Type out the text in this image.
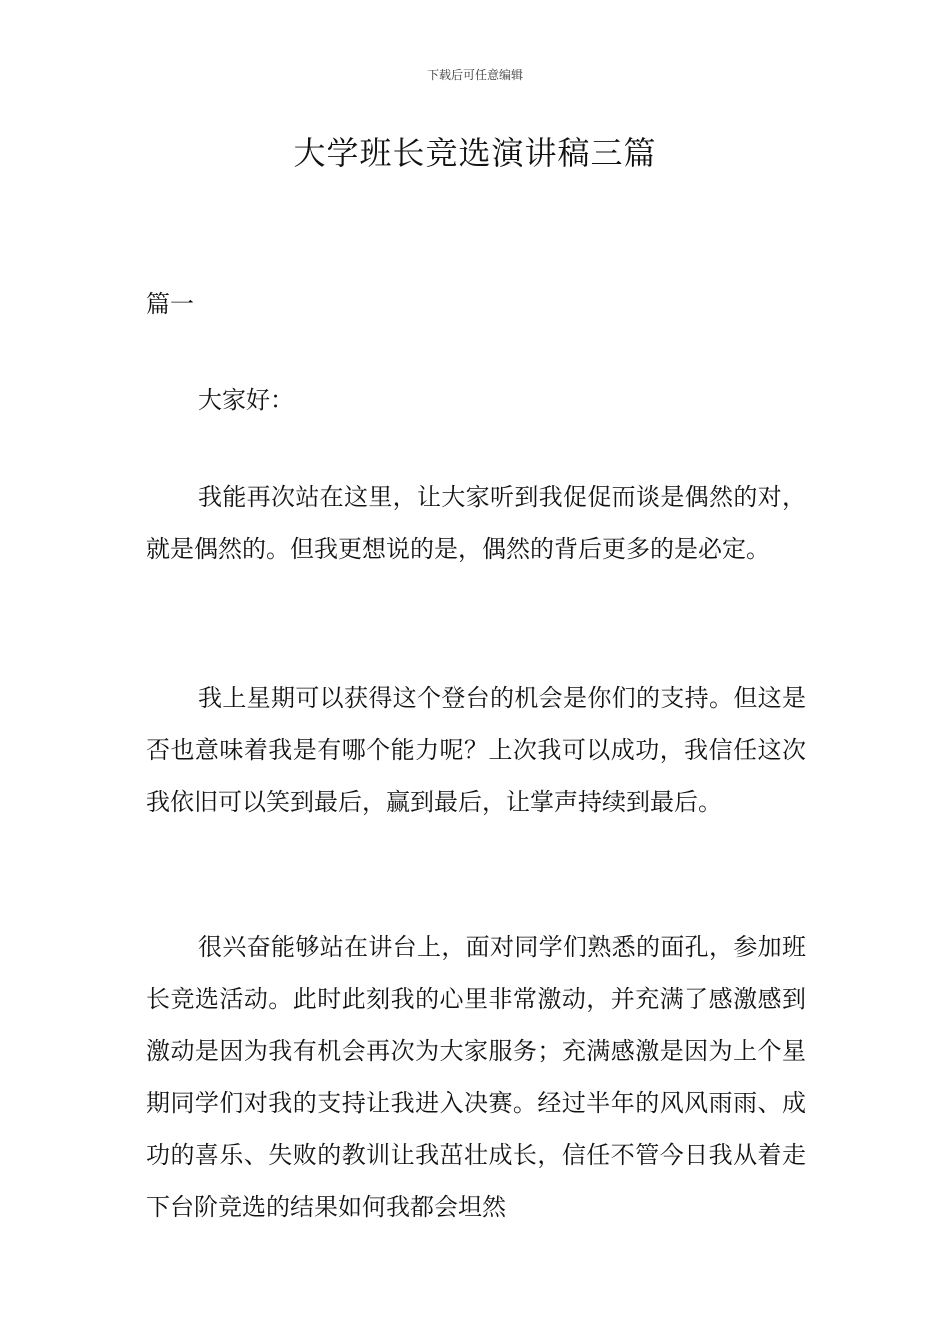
下载后可任意编辑
大学班长竞选演讲稿三篇

篇一

大家好：

我能再次站在这里，让大家听到我促促而谈是偶然的对，就是偶然的。但我更想说的是，偶然的背后更多的是必定。

我上星期可以获得这个登台的机会是你们的支持。但这是否也意味着我是有哪个能力呢？上次我可以成功，我信任这次我依旧可以笑到最后，赢到最后，让掌声持续到最后。

很兴奋能够站在讲台上，面对同学们熟悉的面孔，参加班长竞选活动。此时此刻我的心里非常激动，并充满了感激感到激动是因为我有机会再次为大家服务；充满感激是因为上个星期同学们对我的支持让我进入决赛。经过半年的风风雨雨、成功的喜乐、失败的教训让我茁壮成长，信任不管今日我从着走下台阶竞选的结果如何我都会坦然
